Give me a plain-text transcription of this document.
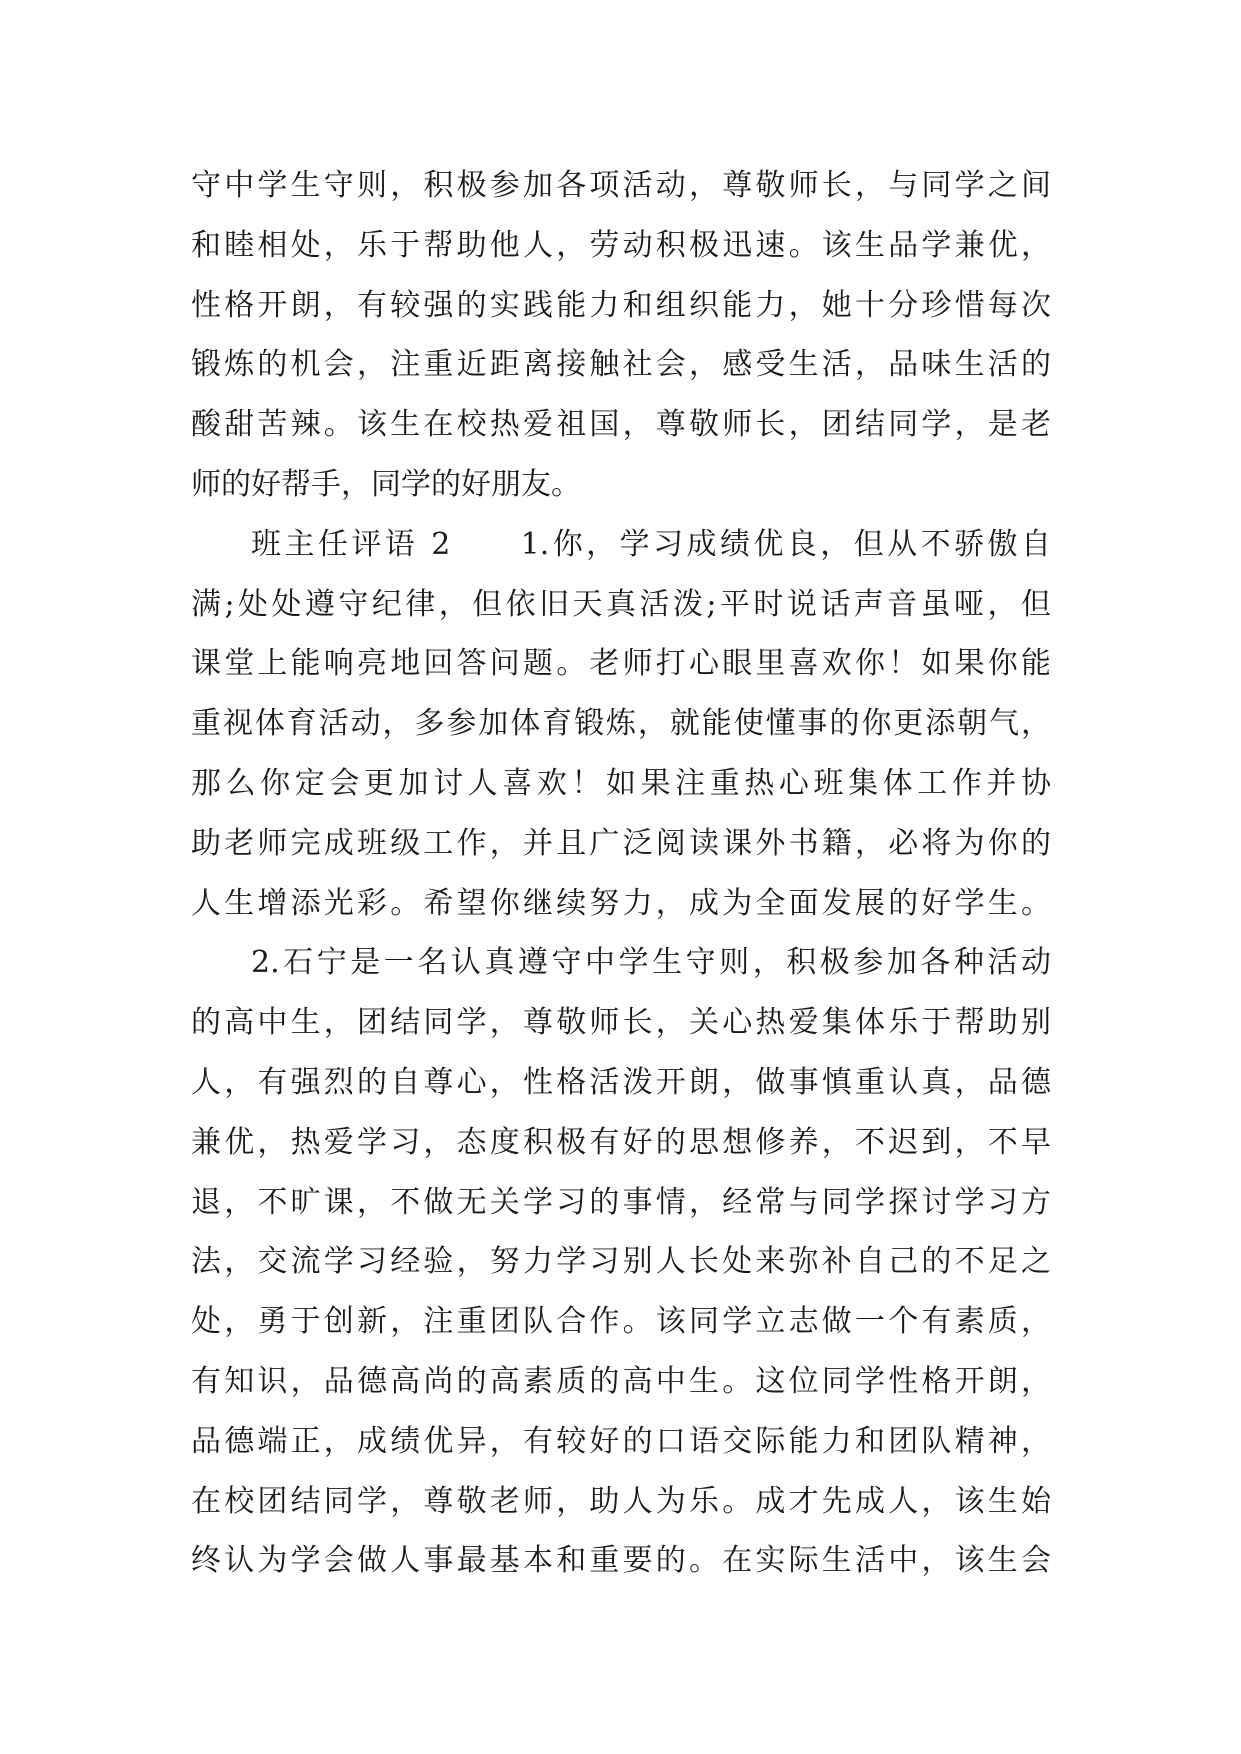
守中学生守则，积极参加各项活动，尊敬师长，与同学之间
和睦相处，乐于帮助他人，劳动积极迅速。该生品学兼优，
性格开朗，有较强的实践能力和组织能力，她十分珍惜每次
锻炼的机会，注重近距离接触社会，感受生活，品味生活的
酸甜苦辣。该生在校热爱祖国，尊敬师长，团结同学，是老
师的好帮手，同学的好朋友。
班主任评语 2　　1.你，学习成绩优良，但从不骄傲自
满;处处遵守纪律，但依旧天真活泼;平时说话声音虽哑，但
课堂上能响亮地回答问题。老师打心眼里喜欢你！如果你能
重视体育活动，多参加体育锻炼，就能使懂事的你更添朝气，
那么你定会更加讨人喜欢！如果注重热心班集体工作并协
助老师完成班级工作，并且广泛阅读课外书籍，必将为你的
人生增添光彩。希望你继续努力，成为全面发展的好学生。
2.石宁是一名认真遵守中学生守则，积极参加各种活动
的高中生，团结同学，尊敬师长，关心热爱集体乐于帮助别
人，有强烈的自尊心，性格活泼开朗，做事慎重认真，品德
兼优，热爱学习，态度积极有好的思想修养，不迟到，不早
退，不旷课，不做无关学习的事情，经常与同学探讨学习方
法，交流学习经验，努力学习别人长处来弥补自己的不足之
处，勇于创新，注重团队合作。该同学立志做一个有素质，
有知识，品德高尚的高素质的高中生。这位同学性格开朗，
品德端正，成绩优异，有较好的口语交际能力和团队精神，
在校团结同学，尊敬老师，助人为乐。成才先成人，该生始
终认为学会做人事最基本和重要的。在实际生活中，该生会
